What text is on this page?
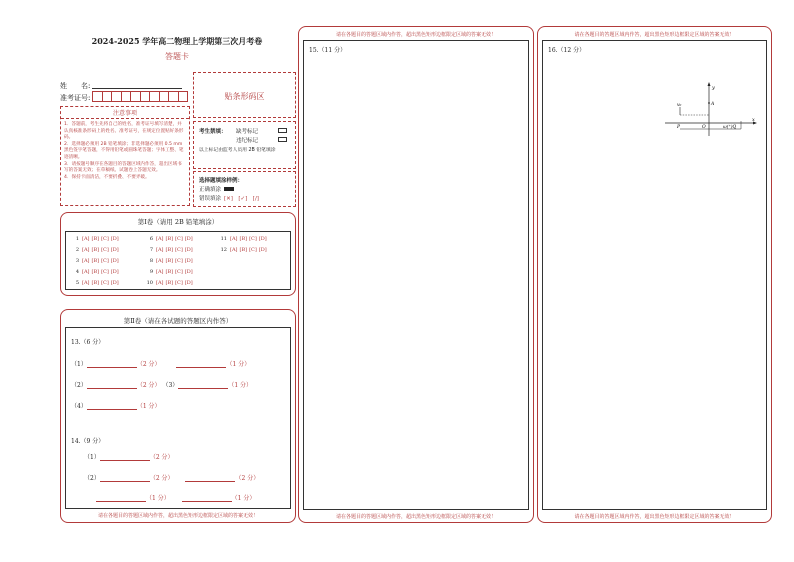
2024-2025 学年高二物理上学期第三次月考卷
答题卡
姓　　名:
准考证号:	贴条形码区
注意事项
1．答题前，考生先将自己的姓名，准考证号填写清楚，并认真核准条形码上的姓名、准考证号，在规定位置贴好条形码。
2．选择题必须用 2B 铅笔填涂；非选择题必须用 0.5 mm 黑色签字笔答题，不得用铅笔或圆珠笔答题；字体工整、笔迹清晰。
3．请按题号顺序在各题目的答题区域内作答，超出区域书写的答案无效；在草稿纸、试题卷上答题无效。
4．保持卡面清洁，不要折叠、不要弄破。
考生禁填： 缺考标记
违纪标记
以上标记由监考人员用 2B 铅笔填涂
选择题填涂样例：
正确填涂
错误填涂 [✕]　[✓]　[/]
第Ⅰ卷（请用 2B 铅笔填涂）
1 [A] [B] [C] [D]
2 [A] [B] [C] [D]
3 [A] [B] [C] [D]
4 [A] [B] [C] [D]
5 [A] [B] [C] [D]
6 [A] [B] [C] [D]
7 [A] [B] [C] [D]
8 [A] [B] [C] [D]
9 [A] [B] [C] [D]
10 [A] [B] [C] [D]
11 [A] [B] [C] [D]
12 [A] [B] [C] [D]
第Ⅱ卷（请在各试题的答题区内作答）
13.（6 分）
（1）	（2 分）	（1 分）
（2）	（2 分） （3）	（1 分）
（4）	（1 分）
14.（9 分）
（1）	（2 分）
（2）	（2 分）	（2 分）
（1 分）	（1 分）
请在各题目的答题区域内作答，超出黑色矩形边框限定区域的答案无效！
请在各题目的答题区域内作答，超出黑色矩形边框限定区域的答案无效！
15.（11 分）
请在各题目的答题区域内作答，超出黑色矩形边框限定区域的答案无效！
请在各题目的答题区域内作答，超出黑色矩形边框限定区域的答案无效！
16.（12 分）
y
x
v₀	A
P	O	ω(⁺)Q
请在各题目的答题区域内作答，超出黑色矩形边框限定区域的答案无效！
